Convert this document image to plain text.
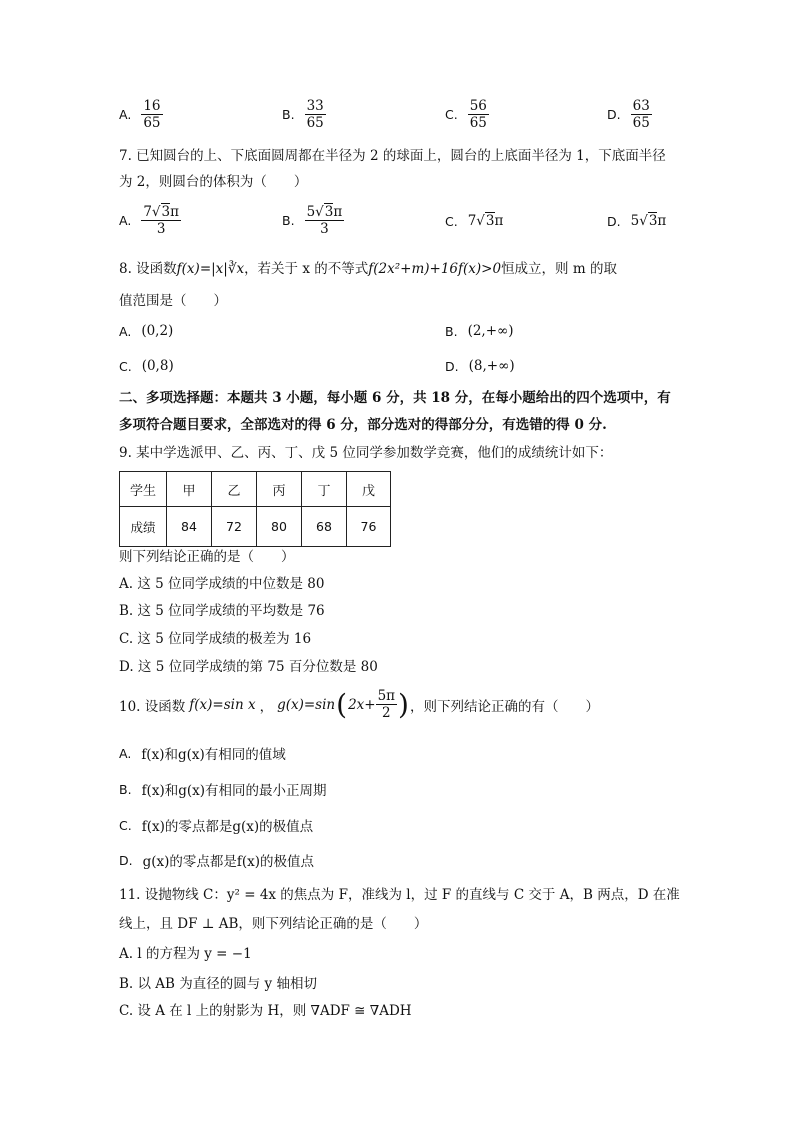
A. $\frac{16}{65}$	B. $\frac{33}{65}$	C. $\frac{56}{65}$	D. $\frac{63}{65}$
7. 已知圆台的上、下底面圆周都在半径为 2 的球面上，圆台的上底面半径为 1，下底面半径
为 2，则圆台的体积为（　　）
A. $\frac{7√3\pi}{3}$	B. $\frac{5√3\pi}{3}$	C. 7√3π	D. 5√3π
8. 设函数f(x)=|x|∛x，若关于 x 的不等式f(2x²+m)+16f(x)>0恒成立，则 m 的取
值范围是（　　）
A. (0,2)	B. (2,+∞)
C. (0,8)	D. (8,+∞)
二、多项选择题：本题共 3 小题，每小题 6 分，共 18 分，在每小题给出的四个选项中，有
多项符合题目要求，全部选对的得 6 分，部分选对的得部分分，有选错的得 0 分.
9. 某中学选派甲、乙、丙、丁、戊 5 位同学参加数学竞赛，他们的成绩统计如下：
学生	甲	乙	丙	丁	戊
成绩	84	72	80	68	76
则下列结论正确的是（　　）
A. 这 5 位同学成绩的中位数是 80
B. 这 5 位同学成绩的平均数是 76
C. 这 5 位同学成绩的极差为 16
D. 这 5 位同学成绩的第 75 百分位数是 80
10. 设函数 f(x)=sin x ， g(x)=sin ( $2x+ \frac{5\pi}{2}$ ) ，则下列结论正确的有（　　）
A. f(x)和g(x)有相同的值域
B. f(x)和g(x)有相同的最小正周期
C. f(x)的零点都是g(x)的极值点
D. g(x)的零点都是f(x)的极值点
11. 设抛物线 C：y² = 4x 的焦点为 F，准线为 l，过 F 的直线与 C 交于 A，B 两点，D 在准
线上，且 DF ⊥ AB，则下列结论正确的是（　　）
A. l 的方程为 y = −1
B. 以 AB 为直径的圆与 y 轴相切
C. 设 A 在 l 上的射影为 H，则 ∇ADF ≅ ∇ADH
